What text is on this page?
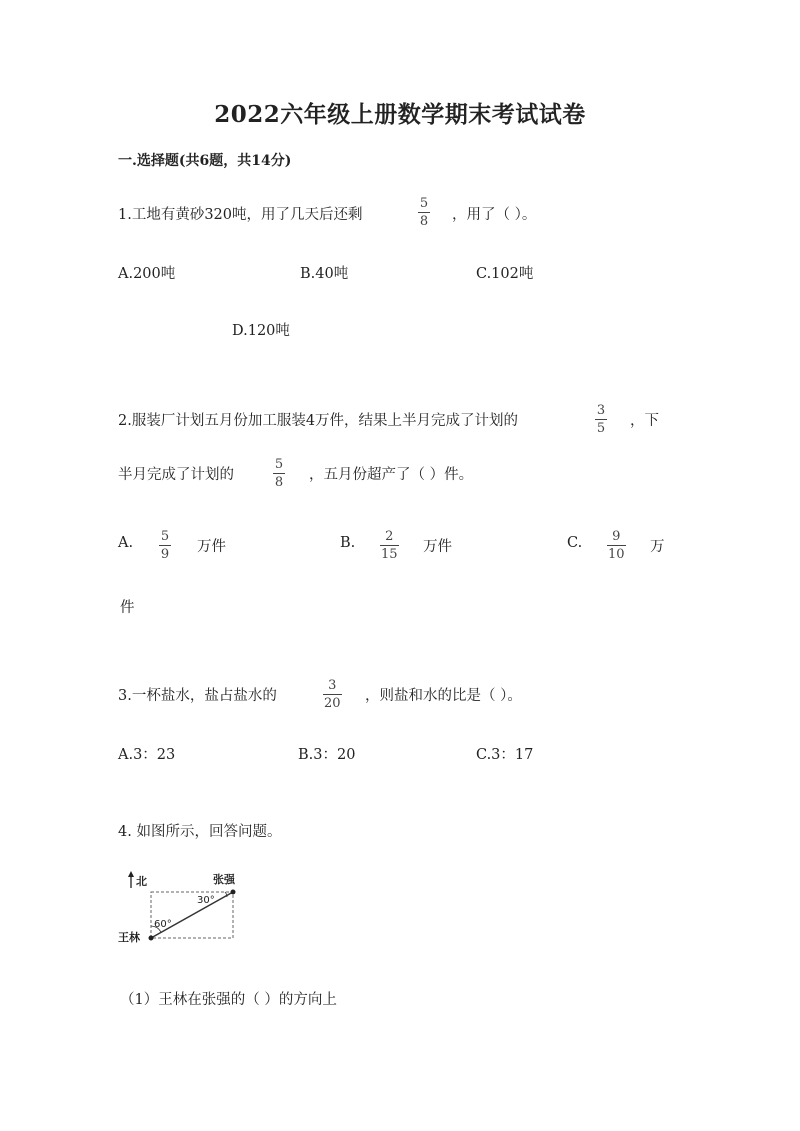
2022六年级上册数学期末考试试卷
一.选择题(共6题，共14分)
1.工地有黄砂320吨，用了几天后还剩
5
8 ，用了（ ）。
A.200吨	B.40吨	C.102吨
D.120吨
2.服装厂计划五月份加工服装4万件，结果上半月完成了计划的
3
5 ，下
半月完成了计划的
5
8 ，五月份超产了（ ）件。
A. 5
9 万件	B. 2
15 万件	C. 9
10 万
件
3.一杯盐水，盐占盐水的
3
20 ，则盐和水的比是（ ）。
A.3：23	B.3：20	C.3：17
4. 如图所示，回答问题。
北	张强
王林
30°
60°
（1）王林在张强的（ ）的方向上
